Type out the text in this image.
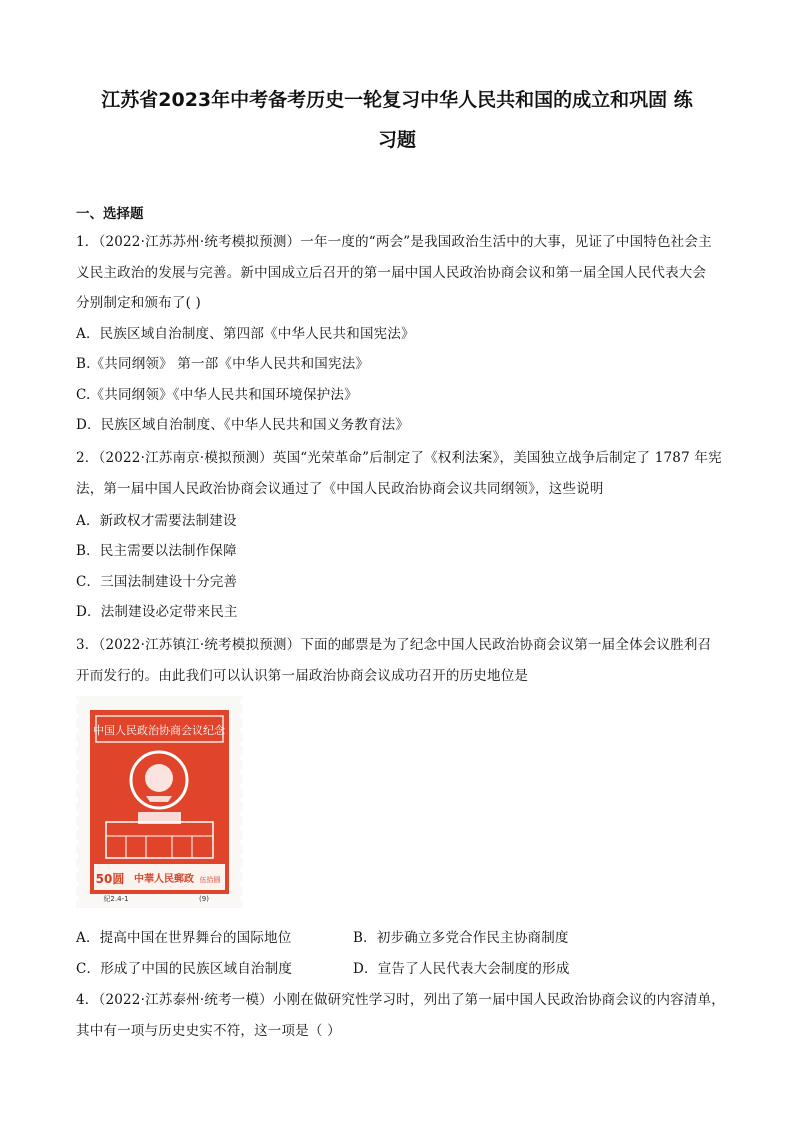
江苏省2023年中考备考历史一轮复习中华人民共和国的成立和巩固 练
习题
一、选择题
1．（2022·江苏苏州·统考模拟预测）一年一度的“两会”是我国政治生活中的大事，见证了中国特色社会主
义民主政治的发展与完善。新中国成立后召开的第一届中国人民政治协商会议和第一届全国人民代表大会
分别制定和颁布了( )
A．民族区域自治制度、第四部《中华人民共和国宪法》
B.《共同纲领》 第一部《中华人民共和国宪法》
C.《共同纲领》《中华人民共和国环境保护法》
D．民族区域自治制度、《中华人民共和国义务教育法》
2．（2022·江苏南京·模拟预测）英国“光荣革命”后制定了《权利法案》，美国独立战争后制定了 1787 年宪
法，第一届中国人民政治协商会议通过了《中国人民政治协商会议共同纲领》，这些说明
A．新政权才需要法制建设
B．民主需要以法制作保障
C．三国法制建设十分完善
D．法制建设必定带来民主
3．（2022·江苏镇江·统考模拟预测）下面的邮票是为了纪念中国人民政治协商会议第一届全体会议胜利召
开而发行的。由此我们可以认识第一届政治协商会议成功召开的历史地位是
中国人民政治协商会议纪念
50圆 中華人民郵政 伍拾圆
紀2.4-1	(9)
A．提高中国在世界舞台的国际地位	B．初步确立多党合作民主协商制度
C．形成了中国的民族区域自治制度	D．宣告了人民代表大会制度的形成
4．（2022·江苏泰州·统考一模）小刚在做研究性学习时，列出了第一届中国人民政治协商会议的内容清单，
其中有一项与历史史实不符，这一项是（ ）
